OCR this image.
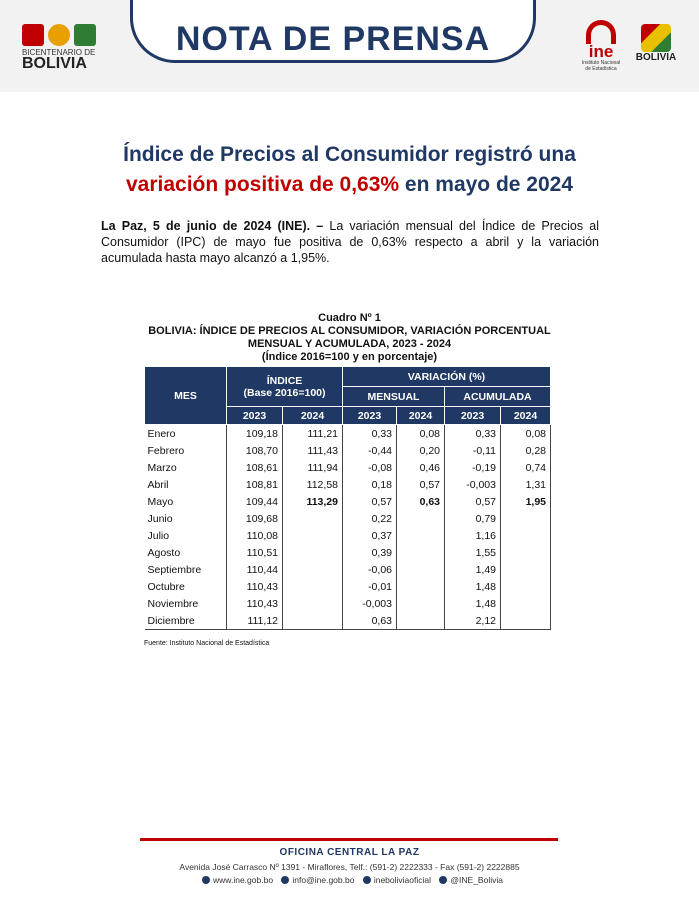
BICENTENARIO DE
BOLIVIA
NOTA DE PRENSA	ine
Instituto Nacional de Estadística
BOLIVIA
Índice de Precios al Consumidor registró una
variación positiva de 0,63% en mayo de 2024
La Paz, 5 de junio de 2024 (INE). – La variación mensual del Índice de Precios al Consumidor (IPC) de mayo fue positiva de 0,63% respecto a abril y la variación acumulada hasta mayo alcanzó a 1,95%.
Cuadro Nº 1
BOLIVIA: ÍNDICE DE PRECIOS AL CONSUMIDOR, VARIACIÓN PORCENTUAL
MENSUAL Y ACUMULADA, 2023 - 2024
(Índice 2016=100 y en porcentaje)
MES	ÍNDICE
(Base 2016=100)		VARIACIÓN (%)			
			MENSUAL		ACUMULADA	
	2023	2024	2023	2024	2023	2024
Enero	109,18	111,21	0,33	0,08	0,33	0,08
Febrero	108,70	111,43	-0,44	0,20	-0,11	0,28
Marzo	108,61	111,94	-0,08	0,46	-0,19	0,74
Abril	108,81	112,58	0,18	0,57	-0,003	1,31
Mayo	109,44	113,29	0,57	0,63	0,57	1,95
Junio	109,68		0,22		0,79	
Julio	110,08		0,37		1,16	
Agosto	110,51		0,39		1,55	
Septiembre	110,44		-0,06		1,49	
Octubre	110,43		-0,01		1,48	
Noviembre	110,43		-0,003		1,48	
Diciembre	111,12		0,63		2,12	
Fuente: Instituto Nacional de Estadística
OFICINA CENTRAL LA PAZ
Avenida José Carrasco Nº 1391 - Miraflores, Telf.: (591-2) 2222333 - Fax (591-2) 2222885
www.ine.gob.bo info@ine.gob.bo ineboliviaoficial @INE_Bolivia
